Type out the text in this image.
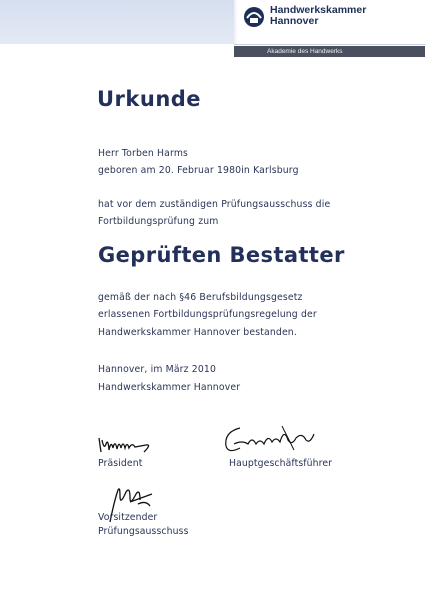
Handwerkskammer
Hannover
Akademie des Handwerks
Urkunde
Herr Torben Harms
geboren am 20. Februar 1980in Karlsburg
hat vor dem zuständigen Prüfungsausschuss die
Fortbildungsprüfung zum
Geprüften Bestatter
gemäß der nach §46 Berufsbildungsgesetz
erlassenen Fortbildungsprüfungsregelung der
Handwerkskammer Hannover bestanden.
Hannover, im März 2010
Handwerkskammer Hannover
Präsident	Hauptgeschäftsführer
Vorsitzender
Prüfungsausschuss
